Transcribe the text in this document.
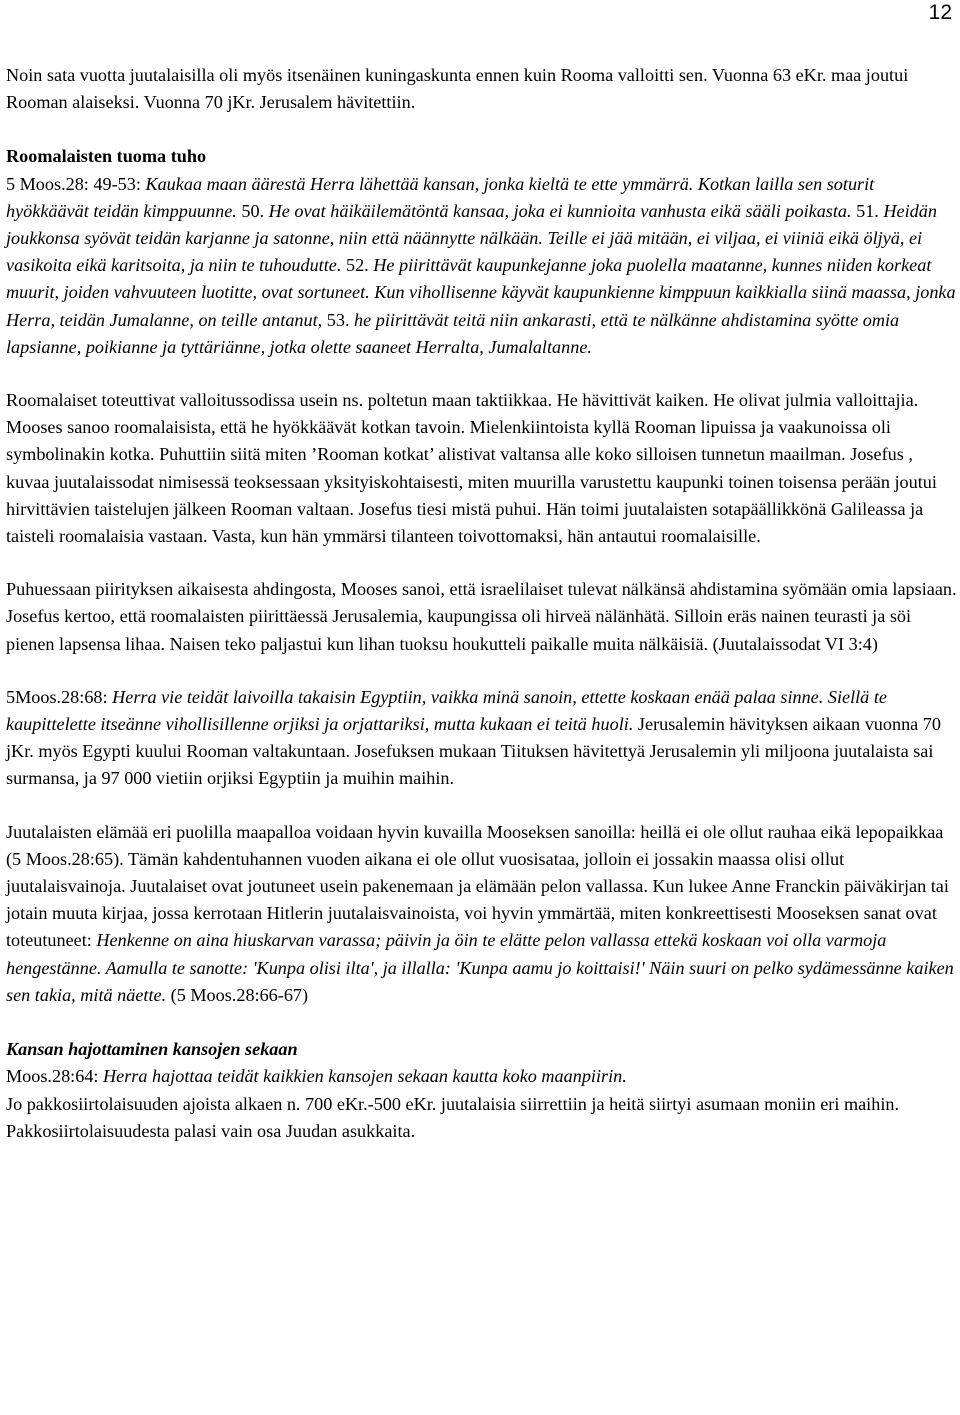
12

Noin sata vuotta juutalaisilla oli myös itsenäinen kuningaskunta ennen kuin Rooma valloitti sen. Vuonna 63 eKr. maa joutui Rooman alaiseksi. Vuonna 70 jKr. Jerusalem hävitettiin.

Roomalaisten tuoma tuho

5 Moos.28: 49-53: Kaukaa maan äärestä Herra lähettää kansan, jonka kieltä te ette ymmärrä. Kotkan lailla sen soturit hyökkäävät teidän kimppuunne. 50. He ovat häikäilemätöntä kansaa, joka ei kunnioita vanhusta eikä sääli poikasta. 51. Heidän joukkonsa syövät teidän karjanne ja satonne, niin että näännytte nälkään. Teille ei jää mitään, ei viljaa, ei viiniä eikä öljyä, ei vasikoita eikä karitsoita, ja niin te tuhoudutte. 52. He piirittävät kaupunkejanne joka puolella maatanne, kunnes niiden korkeat muurit, joiden vahvuuteen luotitte, ovat sortuneet. Kun vihollisenne käyvät kaupunkienne kimppuun kaikkialla siinä maassa, jonka Herra, teidän Jumalanne, on teille antanut, 53. he piirittävät teitä niin ankarasti, että te nälkänne ahdistamina syötte omia lapsianne, poikianne ja tyttäriänne, jotka olette saaneet Herralta, Jumalaltanne.

Roomalaiset toteuttivat valloitussodissa usein ns. poltetun maan taktiikkaa. He hävittivät kaiken. He olivat julmia valloittajia. Mooses sanoo roomalaisista, että he hyökkäävät kotkan tavoin. Mielenkiintoista kyllä Rooman lipuissa ja vaakunoissa oli symbolinakin kotka. Puhuttiin siitä miten ’Rooman kotkat’ alistivat valtansa alle koko silloisen tunnetun maailman. Josefus , kuvaa juutalaissodat nimisessä teoksessaan yksityiskohtaisesti, miten muurilla varustettu kaupunki toinen toisensa perään joutui hirvittävien taistelujen jälkeen Rooman valtaan. Josefus tiesi mistä puhui. Hän toimi juutalaisten sotapäällikkönä Galileassa ja taisteli roomalaisia vastaan. Vasta, kun hän ymmärsi tilanteen toivottomaksi, hän antautui roomalaisille.

Puhuessaan piirityksen aikaisesta ahdingosta, Mooses sanoi, että israelilaiset tulevat nälkänsä ahdistamina syömään omia lapsiaan. Josefus kertoo, että roomalaisten piirittäessä Jerusalemia, kaupungissa oli hirveä nälänhätä. Silloin eräs nainen teurasti ja söi pienen lapsensa lihaa. Naisen teko paljastui kun lihan tuoksu houkutteli paikalle muita nälkäisiä. (Juutalaissodat VI 3:4)

5Moos.28:68: Herra vie teidät laivoilla takaisin Egyptiin, vaikka minä sanoin, ettette koskaan enää palaa sinne. Siellä te kaupittelette itseänne vihollisillenne orjiksi ja orjattariksi, mutta kukaan ei teitä huoli. Jerusalemin hävityksen aikaan vuonna 70 jKr. myös Egypti kuului Rooman valtakuntaan. Josefuksen mukaan Tiituksen hävitettyä Jerusalemin yli miljoona juutalaista sai surmansa, ja 97 000 vietiin orjiksi Egyptiin ja muihin maihin.

Juutalaisten elämää eri puolilla maapalloa voidaan hyvin kuvailla Mooseksen sanoilla: heillä ei ole ollut rauhaa eikä lepopaikkaa (5 Moos.28:65). Tämän kahdentuhannen vuoden aikana ei ole ollut vuosisataa, jolloin ei jossakin maassa olisi ollut juutalaisvainoja. Juutalaiset ovat joutuneet usein pakenemaan ja elämään pelon vallassa. Kun lukee Anne Franckin päiväkirjan tai jotain muuta kirjaa, jossa kerrotaan Hitlerin juutalaisvainoista, voi hyvin ymmärtää, miten konkreettisesti Mooseksen sanat ovat toteutuneet: Henkenne on aina hiuskarvan varassa; päivin ja öin te elätte pelon vallassa ettekä koskaan voi olla varmoja hengestänne. Aamulla te sanotte: 'Kunpa olisi ilta', ja illalla: 'Kunpa aamu jo koittaisi!' Näin suuri on pelko sydämessänne kaiken sen takia, mitä näette. (5 Moos.28:66-67)

Kansan hajottaminen kansojen sekaan

Moos.28:64: Herra hajottaa teidät kaikkien kansojen sekaan kautta koko maanpiirin.

Jo pakkosiirtolaisuuden ajoista alkaen n. 700 eKr.-500 eKr. juutalaisia siirrettiin ja heitä siirtyi asumaan moniin eri maihin. Pakkosiirtolaisuudesta palasi vain osa Juudan asukkaita.
